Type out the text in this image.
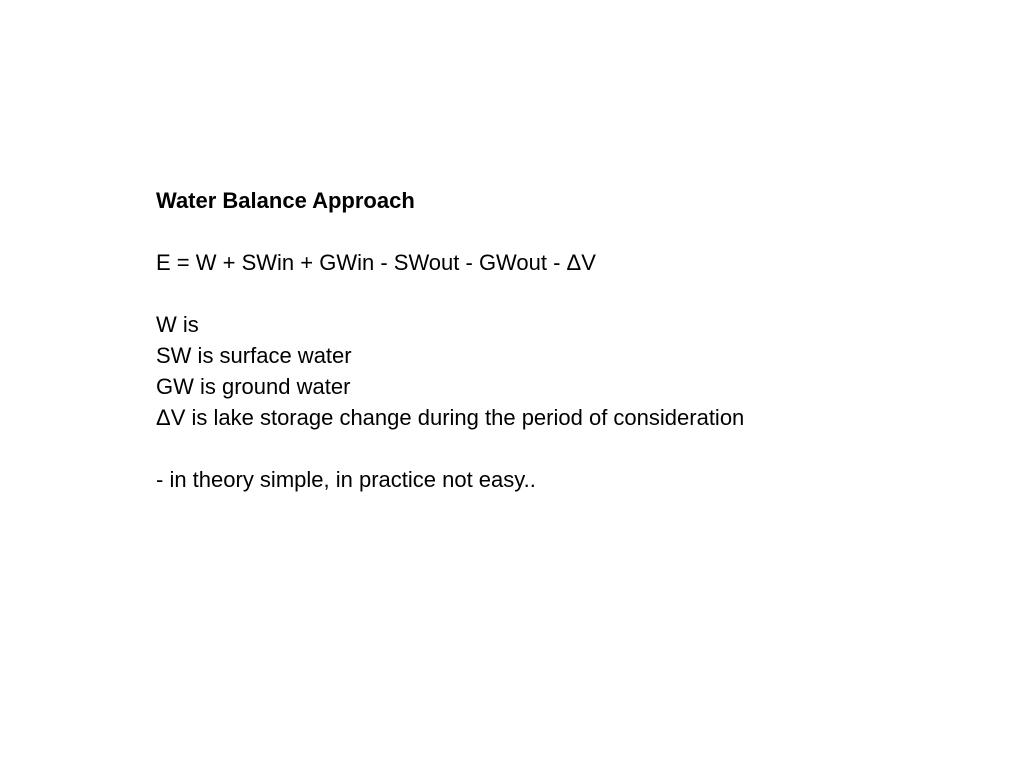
Water Balance Approach
E = W + SWin + GWin - SWout - GWout - ΔV
W is
SW is surface water
GW is ground water
ΔV is lake storage change during the period of consideration
- in theory simple, in practice not easy..
